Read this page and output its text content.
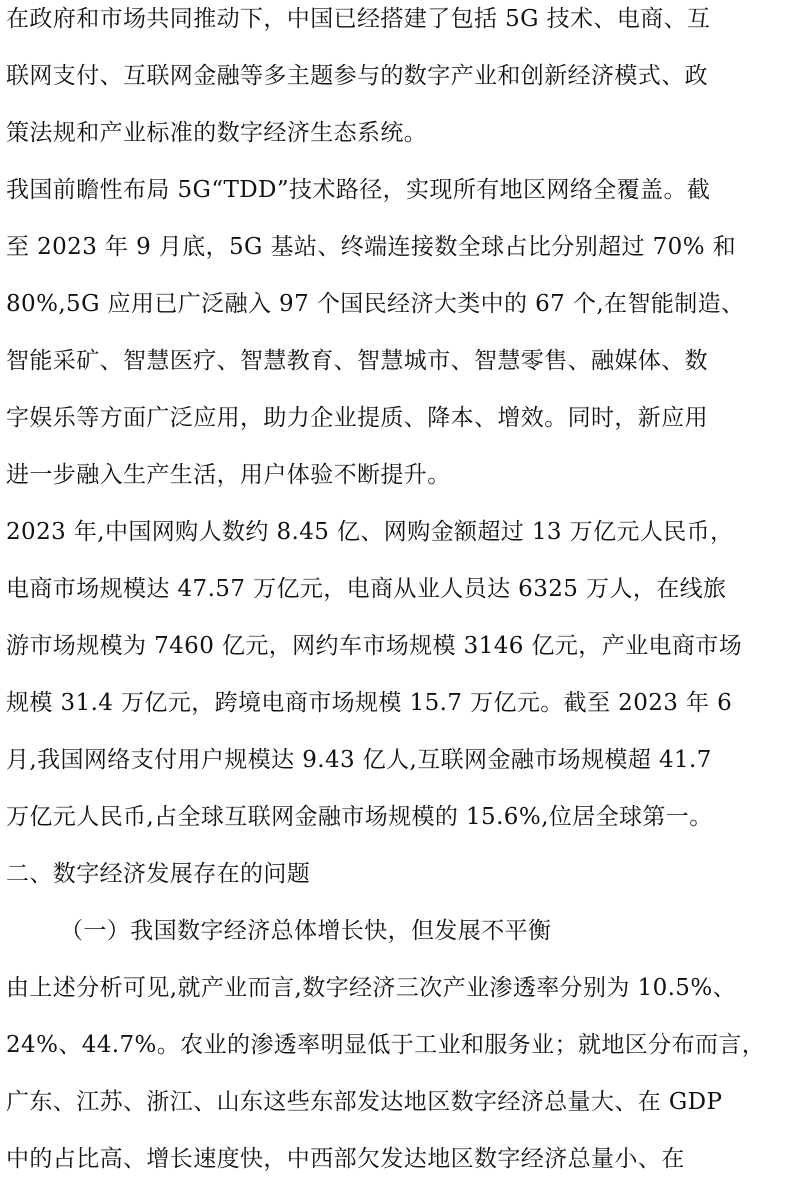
在政府和市场共同推动下，中国已经搭建了包括 5G 技术、电商、互
联网支付、互联网金融等多主题参与的数字产业和创新经济模式、政
策法规和产业标准的数字经济生态系统。
我国前瞻性布局 5G“TDD”技术路径，实现所有地区网络全覆盖。截
至 2023 年 9 月底，5G 基站、终端连接数全球占比分别超过 70% 和
80%,5G 应用已广泛融入 97 个国民经济大类中的 67 个,在智能制造、
智能采矿、智慧医疗、智慧教育、智慧城市、智慧零售、融媒体、数
字娱乐等方面广泛应用，助力企业提质、降本、增效。同时，新应用
进一步融入生产生活，用户体验不断提升。
2023 年,中国网购人数约 8.45 亿、网购金额超过 13 万亿元人民币，
电商市场规模达 47.57 万亿元，电商从业人员达 6325 万人，在线旅
游市场规模为 7460 亿元，网约车市场规模 3146 亿元，产业电商市场
规模 31.4 万亿元，跨境电商市场规模 15.7 万亿元。截至 2023 年 6
月,我国网络支付用户规模达 9.43 亿人,互联网金融市场规模超 41.7
万亿元人民币,占全球互联网金融市场规模的 15.6%,位居全球第一。
二、数字经济发展存在的问题
（一）我国数字经济总体增长快，但发展不平衡
由上述分析可见,就产业而言,数字经济三次产业渗透率分别为 10.5%、
24%、44.7%。农业的渗透率明显低于工业和服务业；就地区分布而言，
广东、江苏、浙江、山东这些东部发达地区数字经济总量大、在 GDP
中的占比高、增长速度快，中西部欠发达地区数字经济总量小、在
